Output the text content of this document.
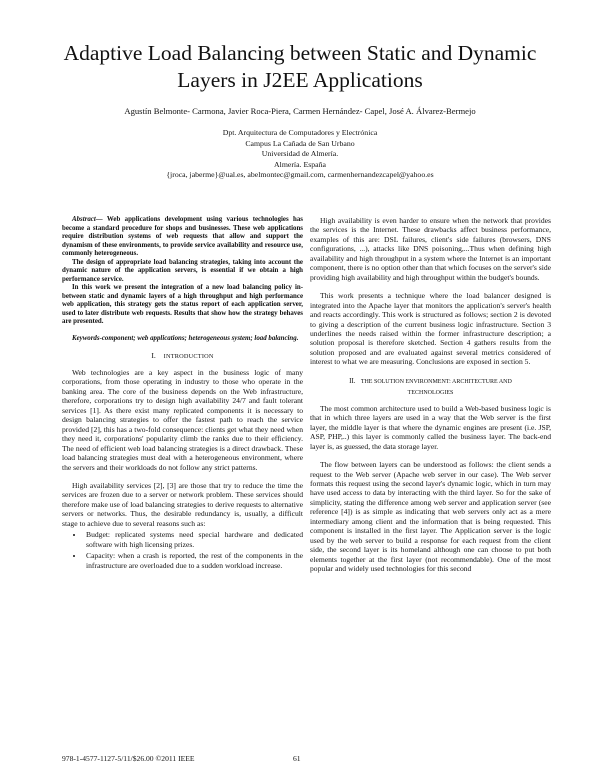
Adaptive Load Balancing between Static and Dynamic Layers in J2EE Applications
Agustín Belmonte- Carmona, Javier Roca-Piera, Carmen Hernández- Capel, José A. Álvarez-Bermejo
Dpt. Arquitectura de Computadores y Electrónica
Campus La Cañada de San Urbano
Universidad de Almería.
Almería. España
{jroca, jaberme}@ual.es, abelmontec@gmail.com, carmenhernandezcapel@yahoo.es

Abstract— Web applications development using various technologies has become a standard procedure for shops and businesses. These web applications require distribution systems of web requests that allow and support the dynamism of these environments, to provide service availability and resource use, commonly heterogeneous.

The design of appropriate load balancing strategies, taking into account the dynamic nature of the application servers, is essential if we obtain a high performance service.

In this work we present the integration of a new load balancing policy in-between static and dynamic layers of a high throughput and high performance web application, this strategy gets the status report of each application server, used to later distribute web requests. Results that show how the strategy behaves are presented.

Keywords-component; web applications; heterogeneous system; load balancing.
I. INTRODUCTION

Web technologies are a key aspect in the business logic of many corporations, from those operating in industry to those who operate in the banking area. The core of the business depends on the Web infrastructure, therefore, corporations try to design high availability 24/7 and fault tolerant services [1]. As there exist many replicated components it is necessary to design balancing strategies to offer the fastest path to reach the service provided [2], this has a two-fold consequence: clients get what they need when they need it, corporations' popularity climb the ranks due to their efficiency. The need of efficient web load balancing strategies is a direct drawback. These load balancing strategies must deal with a heterogeneous environment, where the servers and their workloads do not follow any strict patterns.

High availability services [2], [3] are those that try to reduce the time the services are frozen due to a server or network problem. These services should therefore make use of load balancing strategies to derive requests to alternative servers or networks. Thus, the desirable redundancy is, usually, a difficult stage to achieve due to several reasons such as:

• Budget: replicated systems need special hardware and dedicated software with high licensing prizes.
• Capacity: when a crash is reported, the rest of the components in the infrastructure are overloaded due to a sudden workload increase.

High availability is even harder to ensure when the network that provides the services is the Internet. These drawbacks affect business performance, examples of this are: DSL failures, client's side failures (browsers, DNS configurations, ...), attacks like DNS poisoning,...Thus when defining high availability and high throughput in a system where the Internet is an important component, there is no option other than that which focuses on the server's side providing high availability and high throughput within the budget's bounds.

This work presents a technique where the load balancer designed is integrated into the Apache layer that monitors the application's server's health and reacts accordingly. This work is structured as follows; section 2 is devoted to giving a description of the current business logic infrastructure. Section 3 underlines the needs raised within the former infrastructure description; a solution proposal is therefore sketched. Section 4 gathers results from the solution proposed and are evaluated against several metrics considered of interest to what we are measuring. Conclusions are exposed in section 5.

II. THE SOLUTION ENVIRONMENT: ARCHITECTURE AND
TECHNOLOGIES

The most common architecture used to build a Web-based business logic is that in which three layers are used in a way that the Web server is the first layer, the middle layer is that where the dynamic engines are present (i.e. JSP, ASP, PHP,..) this layer is commonly called the business layer. The back-end layer is, as guessed, the data storage layer.

The flow between layers can be understood as follows: the client sends a request to the Web server (Apache web server in our case). The Web server formats this request using the second layer's dynamic logic, which in turn may have used access to data by interacting with the third layer. So for the sake of simplicity, stating the difference among web server and application server (see reference [4]) is as simple as indicating that web servers only act as a mere intermediary among client and the information that is being requested. This component is installed in the first layer. The Application server is the logic used by the web server to build a response for each request from the client side, the second layer is its homeland although one can choose to put both elements together at the first layer (not recommendable). One of the most popular and widely used technologies for this second

978-1-4577-1127-5/11/$26.00 ©2011 IEEE	61
